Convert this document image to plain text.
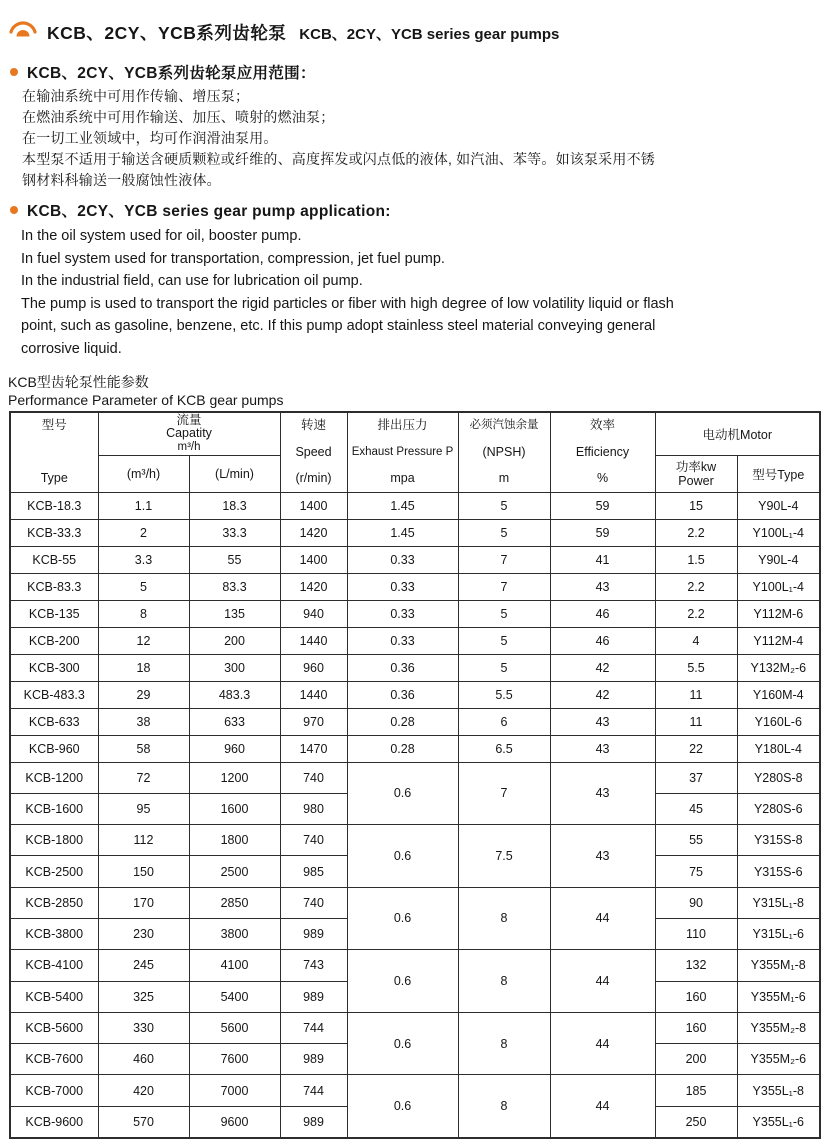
KCB、2CY、YCB系列齿轮泵 KCB、2CY、YCB series gear pumps
KCB、2CY、YCB系列齿轮泵应用范围：

在输油系统中可用作传输、增压泵；

在燃油系统中可用作输送、加压、喷射的燃油泵；

在一切工业领域中，均可作润滑油泵用。

本型泵不适用于输送含硬质颗粒或纤维的、高度挥发或闪点低的液体, 如汽油、苯等。如该泵采用不锈

钢材料科输送一般腐蚀性液体。

KCB、2CY、YCB series gear pump application:

In the oil system used for oil, booster pump.

In fuel system used for transportation, compression, jet fuel pump.

In the industrial field, can use for lubrication oil pump.

The pump is used to transport the rigid particles or fiber with high degree of low volatility liquid or flash

point, such as gasoline, benzene, etc. If this pump adopt stainless steel material conveying general

corrosive liquid.

KCB型齿轮泵性能参数
Performance Parameter of KCB gear pumps
型号
Type	流量
Capatity
m³/h		转速
Speed
(r/min)	排出压力
Exhaust Pressure P
mpa	必须汽蚀余量
(NPSH)
m	效率
Efficiency
%	电动机Motor	
	(m³/h)	(L/min)					功率kw
Power	型号Type
KCB-18.3	1.1	18.3	1400	1.45	5	59	15	Y90L-4
KCB-33.3	2	33.3	1420	1.45	5	59	2.2	Y100L₁-4
KCB-55	3.3	55	1400	0.33	7	41	1.5	Y90L-4
KCB-83.3	5	83.3	1420	0.33	7	43	2.2	Y100L₁-4
KCB-135	8	135	940	0.33	5	46	2.2	Y112M-6
KCB-200	12	200	1440	0.33	5	46	4	Y112M-4
KCB-300	18	300	960	0.36	5	42	5.5	Y132M₂-6
KCB-483.3	29	483.3	1440	0.36	5.5	42	11	Y160M-4
KCB-633	38	633	970	0.28	6	43	11	Y160L-6
KCB-960	58	960	1470	0.28	6.5	43	22	Y180L-4
KCB-1200	72	1200	740	0.6	7	43	37	Y280S-8
KCB-1600	95	1600	980				45	Y280S-6
KCB-1800	112	1800	740	0.6	7.5	43	55	Y315S-8
KCB-2500	150	2500	985				75	Y315S-6
KCB-2850	170	2850	740	0.6	8	44	90	Y315L₁-8
KCB-3800	230	3800	989				110	Y315L₁-6
KCB-4100	245	4100	743	0.6	8	44	132	Y355M₁-8
KCB-5400	325	5400	989				160	Y355M₁-6
KCB-5600	330	5600	744	0.6	8	44	160	Y355M₂-8
KCB-7600	460	7600	989				200	Y355M₂-6
KCB-7000	420	7000	744	0.6	8	44	185	Y355L₁-8
KCB-9600	570	9600	989				250	Y355L₁-6
